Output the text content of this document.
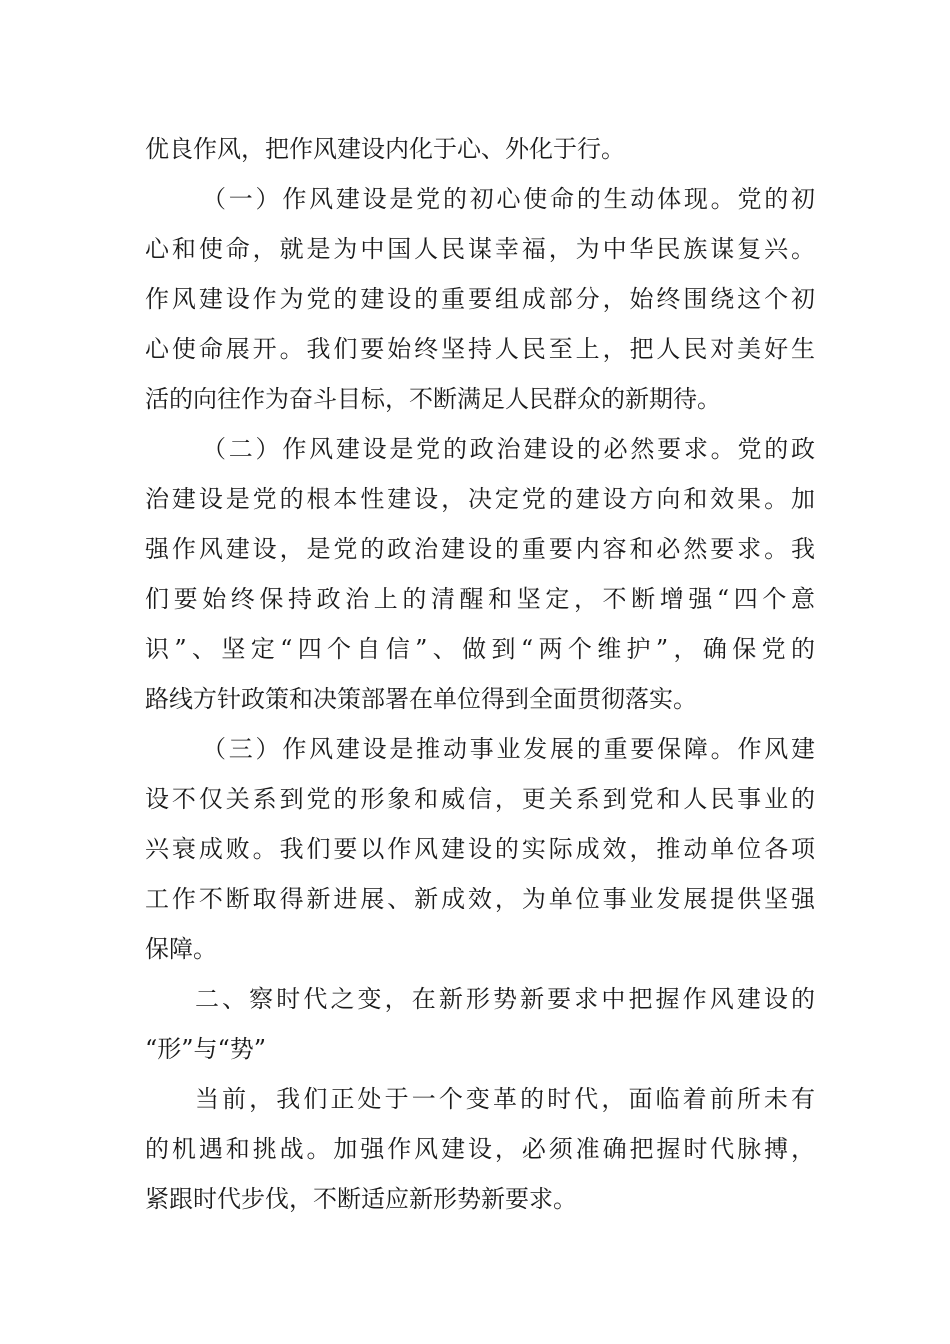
优良作风，把作风建设内化于心、外化于行。
（一）作风建设是党的初心使命的生动体现。党的初
心和使命，就是为中国人民谋幸福，为中华民族谋复兴。
作风建设作为党的建设的重要组成部分，始终围绕这个初
心使命展开。我们要始终坚持人民至上，把人民对美好生
活的向往作为奋斗目标，不断满足人民群众的新期待。
（二）作风建设是党的政治建设的必然要求。党的政
治建设是党的根本性建设，决定党的建设方向和效果。加
强作风建设，是党的政治建设的重要内容和必然要求。我
们要始终保持政治上的清醒和坚定，不断增强“四个意
识”、坚定“四个自信”、做到“两个维护”，确保党的
路线方针政策和决策部署在单位得到全面贯彻落实。
（三）作风建设是推动事业发展的重要保障。作风建
设不仅关系到党的形象和威信，更关系到党和人民事业的
兴衰成败。我们要以作风建设的实际成效，推动单位各项
工作不断取得新进展、新成效，为单位事业发展提供坚强
保障。
二、察时代之变，在新形势新要求中把握作风建设的
“形”与“势”
当前，我们正处于一个变革的时代，面临着前所未有
的机遇和挑战。加强作风建设，必须准确把握时代脉搏，
紧跟时代步伐，不断适应新形势新要求。
